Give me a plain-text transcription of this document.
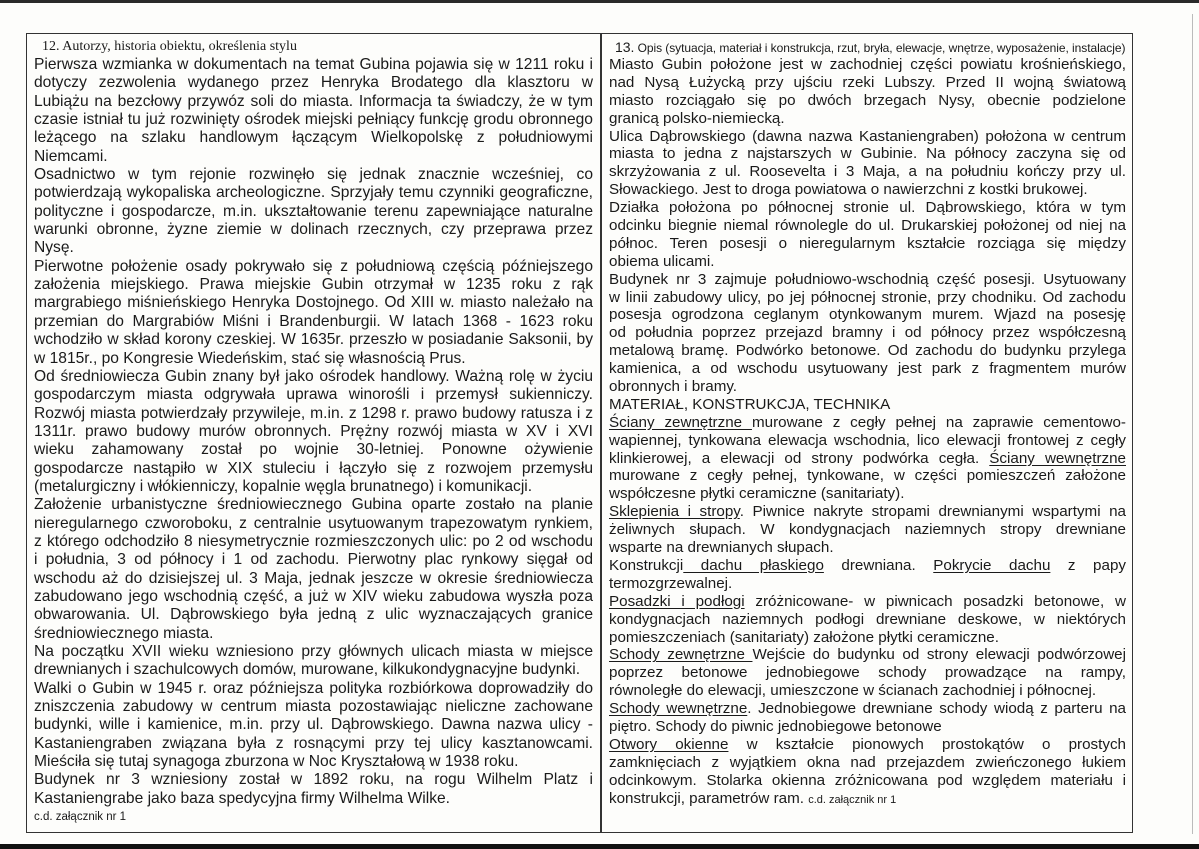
12. Autorzy, historia obiektu, określenia stylu
Pierwsza wzmianka w dokumentach na temat Gubina pojawia się w 1211 roku i
dotyczy zezwolenia wydanego przez Henryka Brodatego dla klasztoru w
Lubiążu na bezcłowy przywóz soli do miasta. Informacja ta świadczy, że w tym
czasie istniał tu już rozwinięty ośrodek miejski pełniący funkcję grodu obronnego
leżącego na szlaku handlowym łączącym Wielkopolskę z południowymi
Niemcami.
Osadnictwo w tym rejonie rozwinęło się jednak znacznie wcześniej, co
potwierdzają wykopaliska archeologiczne. Sprzyjały temu czynniki geograficzne,
polityczne i gospodarcze, m.in. ukształtowanie terenu zapewniające naturalne
warunki obronne, żyzne ziemie w dolinach rzecznych, czy przeprawa przez
Nysę.
Pierwotne położenie osady pokrywało się z południową częścią późniejszego
założenia miejskiego. Prawa miejskie Gubin otrzymał w 1235 roku z rąk
margrabiego miśnieńskiego Henryka Dostojnego. Od XIII w. miasto należało na
przemian do Margrabiów Miśni i Brandenburgii. W latach 1368 - 1623 roku
wchodziło w skład korony czeskiej. W 1635r. przeszło w posiadanie Saksonii, by
w 1815r., po Kongresie Wiedeńskim, stać się własnością Prus.
Od średniowiecza Gubin znany był jako ośrodek handlowy. Ważną rolę w życiu
gospodarczym miasta odgrywała uprawa winorośli i przemysł sukienniczy.
Rozwój miasta potwierdzały przywileje, m.in. z 1298 r. prawo budowy ratusza i z
1311r. prawo budowy murów obronnych. Prężny rozwój miasta w XV i XVI
wieku zahamowany został po wojnie 30-letniej. Ponowne ożywienie
gospodarcze nastąpiło w XIX stuleciu i łączyło się z rozwojem przemysłu
(metalurgiczny i włókienniczy, kopalnie węgla brunatnego) i komunikacji.
Założenie urbanistyczne średniowiecznego Gubina oparte zostało na planie
nieregularnego czworoboku, z centralnie usytuowanym trapezowatym rynkiem,
z którego odchodziło 8 niesymetrycznie rozmieszczonych ulic: po 2 od wschodu
i południa, 3 od północy i 1 od zachodu. Pierwotny plac rynkowy sięgał od
wschodu aż do dzisiejszej ul. 3 Maja, jednak jeszcze w okresie średniowiecza
zabudowano jego wschodnią część, a już w XIV wieku zabudowa wyszła poza
obwarowania. Ul. Dąbrowskiego była jedną z ulic wyznaczających granice
średniowiecznego miasta.
Na początku XVII wieku wzniesiono przy głównych ulicach miasta w miejsce
drewnianych i szachulcowych domów, murowane, kilkukondygnacyjne budynki.
Walki o Gubin w 1945 r. oraz późniejsza polityka rozbiórkowa doprowadziły do
zniszczenia zabudowy w centrum miasta pozostawiając nieliczne zachowane
budynki, wille i kamienice, m.in. przy ul. Dąbrowskiego. Dawna nazwa ulicy -
Kastaniengraben związana była z rosnącymi przy tej ulicy kasztanowcami.
Mieściła się tutaj synagoga zburzona w Noc Kryształową w 1938 roku.
Budynek nr 3 wzniesiony został w 1892 roku, na rogu Wilhelm Platz i
Kastaniengrabe jako baza spedycyjna firmy Wilhelma Wilke.
c.d. załącznik nr 1
13. Opis (sytuacja, materiał i konstrukcja, rzut, bryła, elewacje, wnętrze, wyposażenie, instalacje)
Miasto Gubin położone jest w zachodniej części powiatu krośnieńskiego,
nad Nysą Łużycką przy ujściu rzeki Lubszy. Przed II wojną światową
miasto rozciągało się po dwóch brzegach Nysy, obecnie podzielone
granicą polsko-niemiecką.
Ulica Dąbrowskiego (dawna nazwa Kastaniengraben) położona w centrum
miasta to jedna z najstarszych w Gubinie. Na północy zaczyna się od
skrzyżowania z ul. Roosevelta i 3 Maja, a na południu kończy przy ul.
Słowackiego. Jest to droga powiatowa o nawierzchni z kostki brukowej.
Działka położona po północnej stronie ul. Dąbrowskiego, która w tym
odcinku biegnie niemal równolegle do ul. Drukarskiej położonej od niej na
północ. Teren posesji o nieregularnym kształcie rozciąga się między
obiema ulicami.
Budynek nr 3 zajmuje południowo-wschodnią część posesji. Usytuowany
w linii zabudowy ulicy, po jej północnej stronie, przy chodniku. Od zachodu
posesja ogrodzona ceglanym otynkowanym murem. Wjazd na posesję
od południa poprzez przejazd bramny i od północy przez współczesną
metalową bramę. Podwórko betonowe. Od zachodu do budynku przylega
kamienica, a od wschodu usytuowany jest park z fragmentem murów
obronnych i bramy.
MATERIAŁ, KONSTRUKCJA, TECHNIKA
Ściany zewnętrzne murowane z cegły pełnej na zaprawie cementowo-
wapiennej, tynkowana elewacja wschodnia, lico elewacji frontowej z cegły
klinkierowej, a elewacji od strony podwórka cegła. Ściany wewnętrzne
murowane z cegły pełnej, tynkowane, w części pomieszczeń założone
współczesne płytki ceramiczne (sanitariaty).
Sklepienia i stropy. Piwnice nakryte stropami drewnianymi wspartymi na
żeliwnych słupach. W kondygnacjach naziemnych stropy drewniane
wsparte na drewnianych słupach.
Konstrukcji dachu płaskiego drewniana. Pokrycie dachu z papy
termozgrzewalnej.
Posadzki i podłogi zróżnicowane- w piwnicach posadzki betonowe, w
kondygnacjach naziemnych podłogi drewniane deskowe, w niektórych
pomieszczeniach (sanitariaty) założone płytki ceramiczne.
Schody zewnętrzne Wejście do budynku od strony elewacji podwórzowej
poprzez betonowe jednobiegowe schody prowadzące na rampy,
równoległe do elewacji, umieszczone w ścianach zachodniej i północnej.
Schody wewnętrzne. Jednobiegowe drewniane schody wiodą z parteru na
piętro. Schody do piwnic jednobiegowe betonowe
Otwory okienne w kształcie pionowych prostokątów o prostych
zamknięciach z wyjątkiem okna nad przejazdem zwieńczonego łukiem
odcinkowym. Stolarka okienna zróżnicowana pod względem materiału i
konstrukcji, parametrów ram. c.d. załącznik nr 1
